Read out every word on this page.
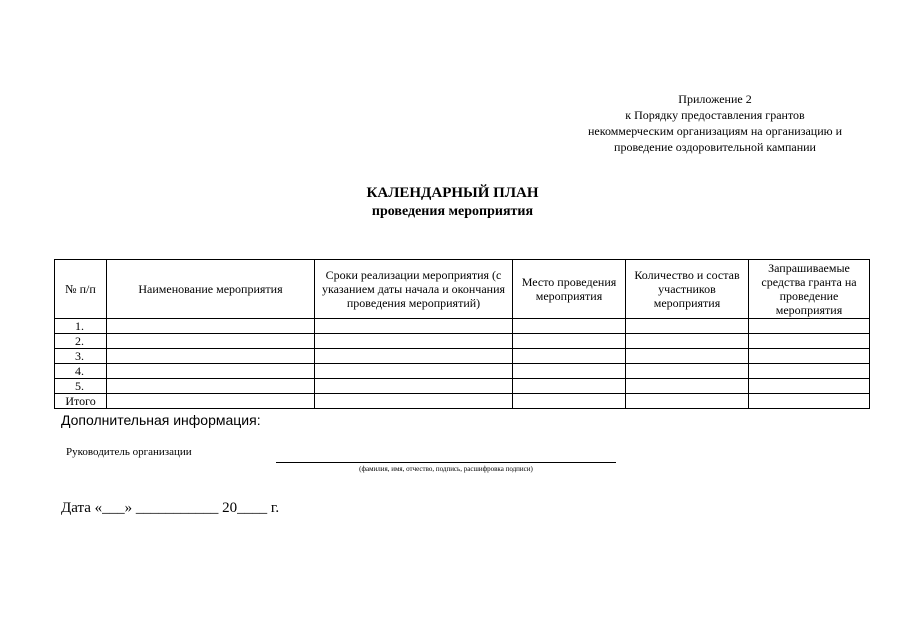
Приложение 2
к Порядку предоставления грантов
некоммерческим организациям на организацию и
проведение оздоровительной кампании
КАЛЕНДАРНЫЙ ПЛАН
проведения мероприятия
№ п/п	Наименование мероприятия	Сроки реализации мероприятия (с указанием даты начала и окончания проведения мероприятий)	Место проведения мероприятия	Количество и состав участников мероприятия	Запрашиваемые средства гранта на проведение мероприятия
1.					
2.					
3.					
4.					
5.					
Итого					
Дополнительная информация:
Руководитель организации
(фамилия, имя, отчество, подпись, расшифровка подписи)
Дата «___» ___________ 20____ г.
